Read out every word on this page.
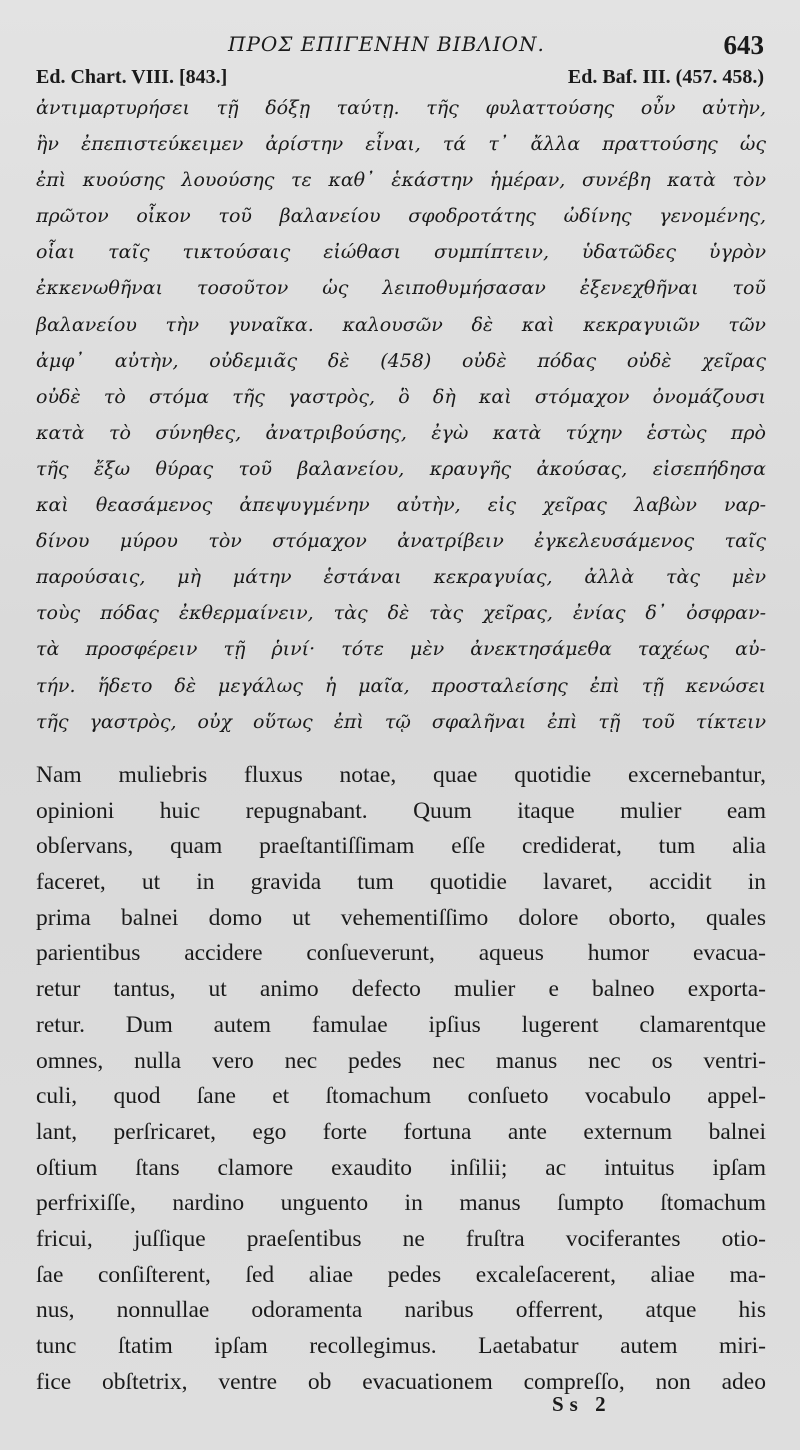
ΠΡΟΣ ΕΠΙΓΕΝΗΝ ΒΙΒΛΙΟΝ.	643
Ed. Chart. VIII. [843.]	Ed. Baf. III. (457. 458.)
ἀντιμαρτυρήσει τῇ δόξῃ ταύτῃ. τῆς φυλαττούσης οὖν αὐτὴν,
ἣν ἐπεπιστεύκειμεν ἀρίστην εἶναι, τά τ᾽ ἄλλα πραττούσης ὡς
ἐπὶ κυούσης λουούσης τε καθ᾽ ἑκάστην ἡμέραν, συνέβη κατὰ τὸν
πρῶτον οἶκον τοῦ βαλανείου σφοδροτάτης ὠδίνης γενομένης,
οἷαι ταῖς τικτούσαις εἰώθασι συμπίπτειν, ὑδατῶδες ὑγρὸν
ἐκκενωθῆναι τοσοῦτον ὡς λειποθυμήσασαν ἐξενεχθῆναι τοῦ
βαλανείου τὴν γυναῖκα. καλουσῶν δὲ καὶ κεκραγυιῶν τῶν
ἀμφ᾽ αὐτὴν, οὐδεμιᾶς δὲ (458) οὐδὲ πόδας οὐδὲ χεῖρας
οὐδὲ τὸ στόμα τῆς γαστρὸς, ὃ δὴ καὶ στόμαχον ὀνομάζουσι
κατὰ τὸ σύνηθες, ἀνατριβούσης, ἐγὼ κατὰ τύχην ἑστὼς πρὸ
τῆς ἔξω θύρας τοῦ βαλανείου, κραυγῆς ἀκούσας, εἰσεπήδησα
καὶ θεασάμενος ἀπεψυγμένην αὐτὴν, εἰς χεῖρας λαβὼν ναρ-
δίνου μύρου τὸν στόμαχον ἀνατρίβειν ἐγκελευσάμενος ταῖς
παρούσαις, μὴ μάτην ἑστάναι κεκραγυίας, ἀλλὰ τὰς μὲν
τοὺς πόδας ἐκθερμαίνειν, τὰς δὲ τὰς χεῖρας, ἐνίας δ᾽ ὀσφραν-
τὰ προσφέρειν τῇ ῥινί· τότε μὲν ἀνεκτησάμεθα ταχέως αὐ-
τήν. ἥδετο δὲ μεγάλως ἡ μαῖα, προσταλείσης ἐπὶ τῇ κενώσει
τῆς γαστρὸς, οὐχ οὕτως ἐπὶ τῷ σφαλῆναι ἐπὶ τῇ τοῦ τίκτειν
Nam muliebris fluxus notae, quae quotidie excernebantur,
opinioni huic repugnabant. Quum itaque mulier eam
obſervans, quam praeſtantiſſimam eſſe crediderat, tum alia
faceret, ut in gravida tum quotidie lavaret, accidit in
prima balnei domo ut vehementiſſimo dolore oborto, quales
parientibus accidere conſueverunt, aqueus humor evacua-
retur tantus, ut animo defecto mulier e balneo exporta-
retur. Dum autem famulae ipſius lugerent clamarentque
omnes, nulla vero nec pedes nec manus nec os ventri-
culi, quod ſane et ſtomachum conſueto vocabulo appel-
lant, perſricaret, ego forte fortuna ante externum balnei
oſtium ſtans clamore exaudito inſilii; ac intuitus ipſam
perfrixiſſe, nardino unguento in manus ſumpto ſtomachum
fricui, juſſique praeſentibus ne fruſtra vociferantes otio-
ſae conſiſterent, ſed aliae pedes excaleſacerent, aliae ma-
nus, nonnullae odoramenta naribus offerrent, atque his
tunc ſtatim ipſam recollegimus. Laetabatur autem miri-
fice obſtetrix, ventre ob evacuationem compreſſo, non adeo
Ss 2
